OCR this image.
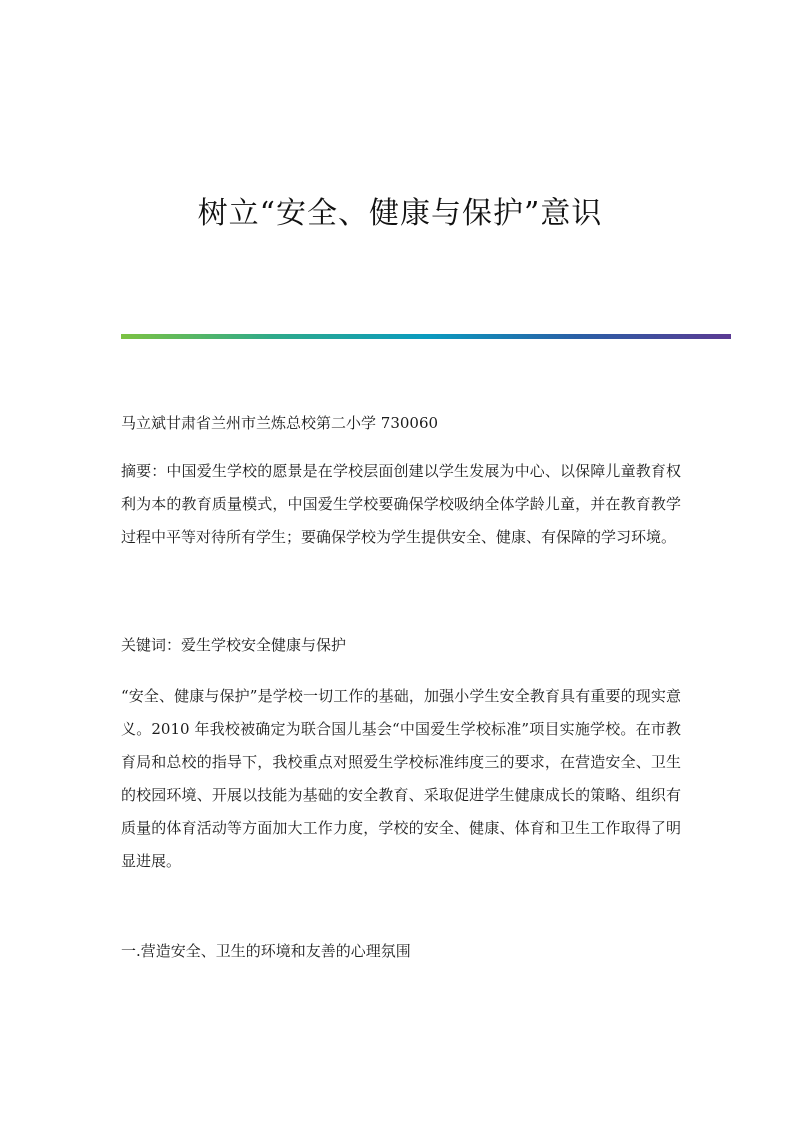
树立“安全、健康与保护”意识

马立斌甘肃省兰州市兰炼总校第二小学 730060

摘要：中国爱生学校的愿景是在学校层面创建以学生发展为中心、以保障儿童教育权利为本的教育质量模式，中国爱生学校要确保学校吸纳全体学龄儿童，并在教育教学过程中平等对待所有学生；要确保学校为学生提供安全、健康、有保障的学习环境。

关键词：爱生学校安全健康与保护

“安全、健康与保护”是学校一切工作的基础，加强小学生安全教育具有重要的现实意义。2010 年我校被确定为联合国儿基会“中国爱生学校标准”项目实施学校。在市教育局和总校的指导下，我校重点对照爱生学校标准纬度三的要求，在营造安全、卫生的校园环境、开展以技能为基础的安全教育、采取促进学生健康成长的策略、组织有质量的体育活动等方面加大工作力度，学校的安全、健康、体育和卫生工作取得了明显进展。

一.营造安全、卫生的环境和友善的心理氛围
